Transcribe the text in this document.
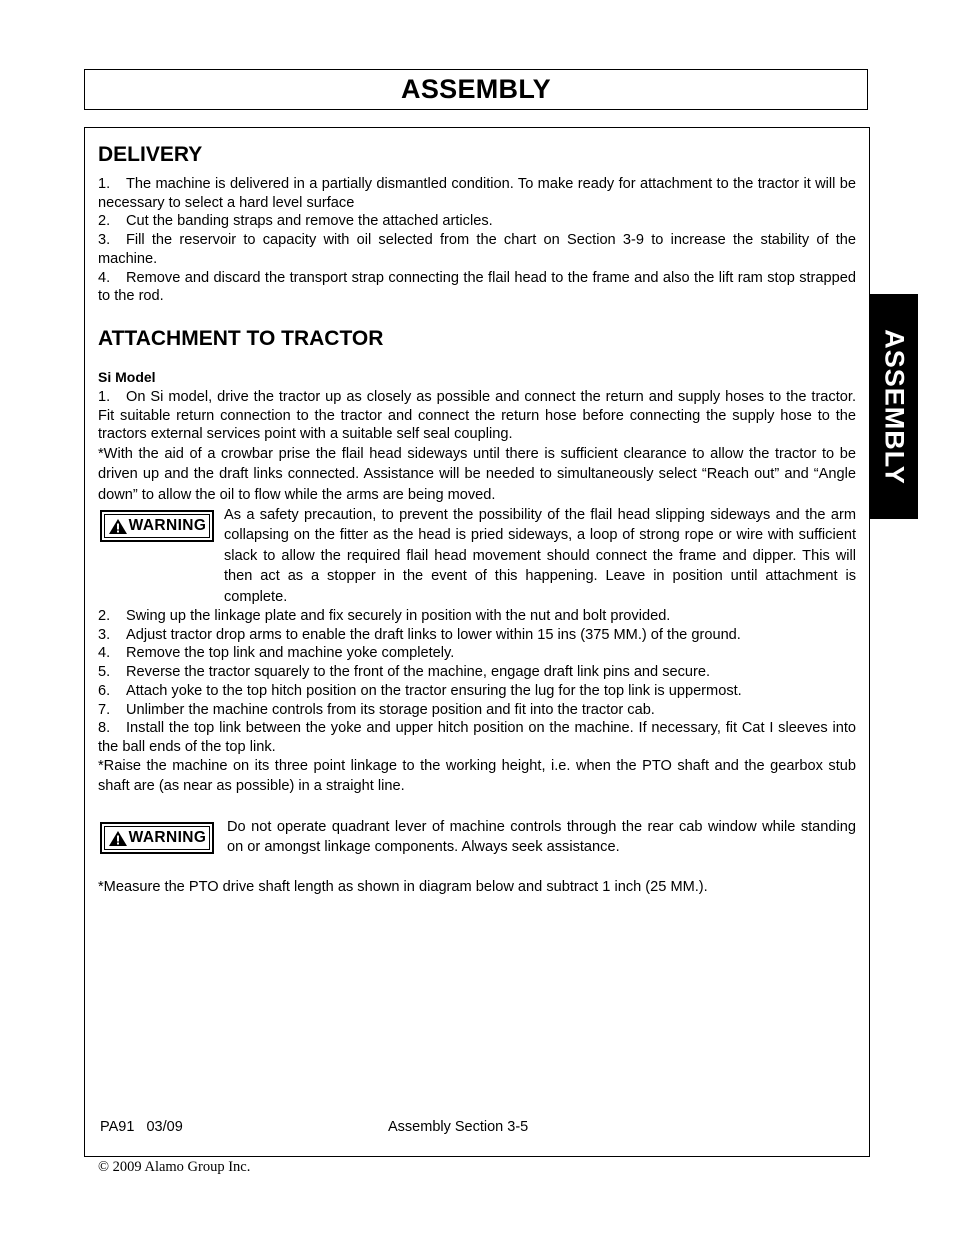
ASSEMBLY
ASSEMBLY
DELIVERY
1. The machine is delivered in a partially dismantled condition. To make ready for attachment to the tractor it will be necessary to select a hard level surface
2. Cut the banding straps and remove the attached articles.
3. Fill the reservoir to capacity with oil selected from the chart on Section 3-9 to increase the stability of the machine.
4. Remove and discard the transport strap connecting the flail head to the frame and also the lift ram stop strapped to the rod.
ATTACHMENT TO TRACTOR
Si Model
1. On Si model, drive the tractor up as closely as possible and connect the return and supply hoses to the tractor. Fit suitable return connection to the tractor and connect the return hose before connecting the supply hose to the tractors external services point with a suitable self seal coupling.
*With the aid of a crowbar prise the flail head sideways until there is sufficient clearance to allow the tractor to be driven up and the draft links connected. Assistance will be needed to simultaneously select “Reach out” and “Angle down” to allow the oil to flow while the arms are being moved.
WARNING
As a safety precaution, to prevent the possibility of the flail head slipping sideways and the arm collapsing on the fitter as the head is pried sideways, a loop of strong rope or wire with sufficient slack to allow the required flail head movement should connect the frame and dipper. This will then act as a stopper in the event of this happening. Leave in position until attachment is complete.
2. Swing up the linkage plate and fix securely in position with the nut and bolt provided.
3. Adjust tractor drop arms to enable the draft links to lower within 15 ins (375 MM.) of the ground.
4. Remove the top link and machine yoke completely.
5. Reverse the tractor squarely to the front of the machine, engage draft link pins and secure.
6. Attach yoke to the top hitch position on the tractor ensuring the lug for the top link is uppermost.
7. Unlimber the machine controls from its storage position and fit into the tractor cab.
8. Install the top link between the yoke and upper hitch position on the machine. If necessary, fit Cat I sleeves into the ball ends of the top link.
*Raise the machine on its three point linkage to the working height, i.e. when the PTO shaft and the gearbox stub shaft are (as near as possible) in a straight line.
WARNING
Do not operate quadrant lever of machine controls through the rear cab window while standing on or amongst linkage components. Always seek assistance.
*Measure the PTO drive shaft length as shown in diagram below and subtract 1 inch (25 MM.).
PA91   03/09	Assembly Section 3-5
© 2009 Alamo Group Inc.
